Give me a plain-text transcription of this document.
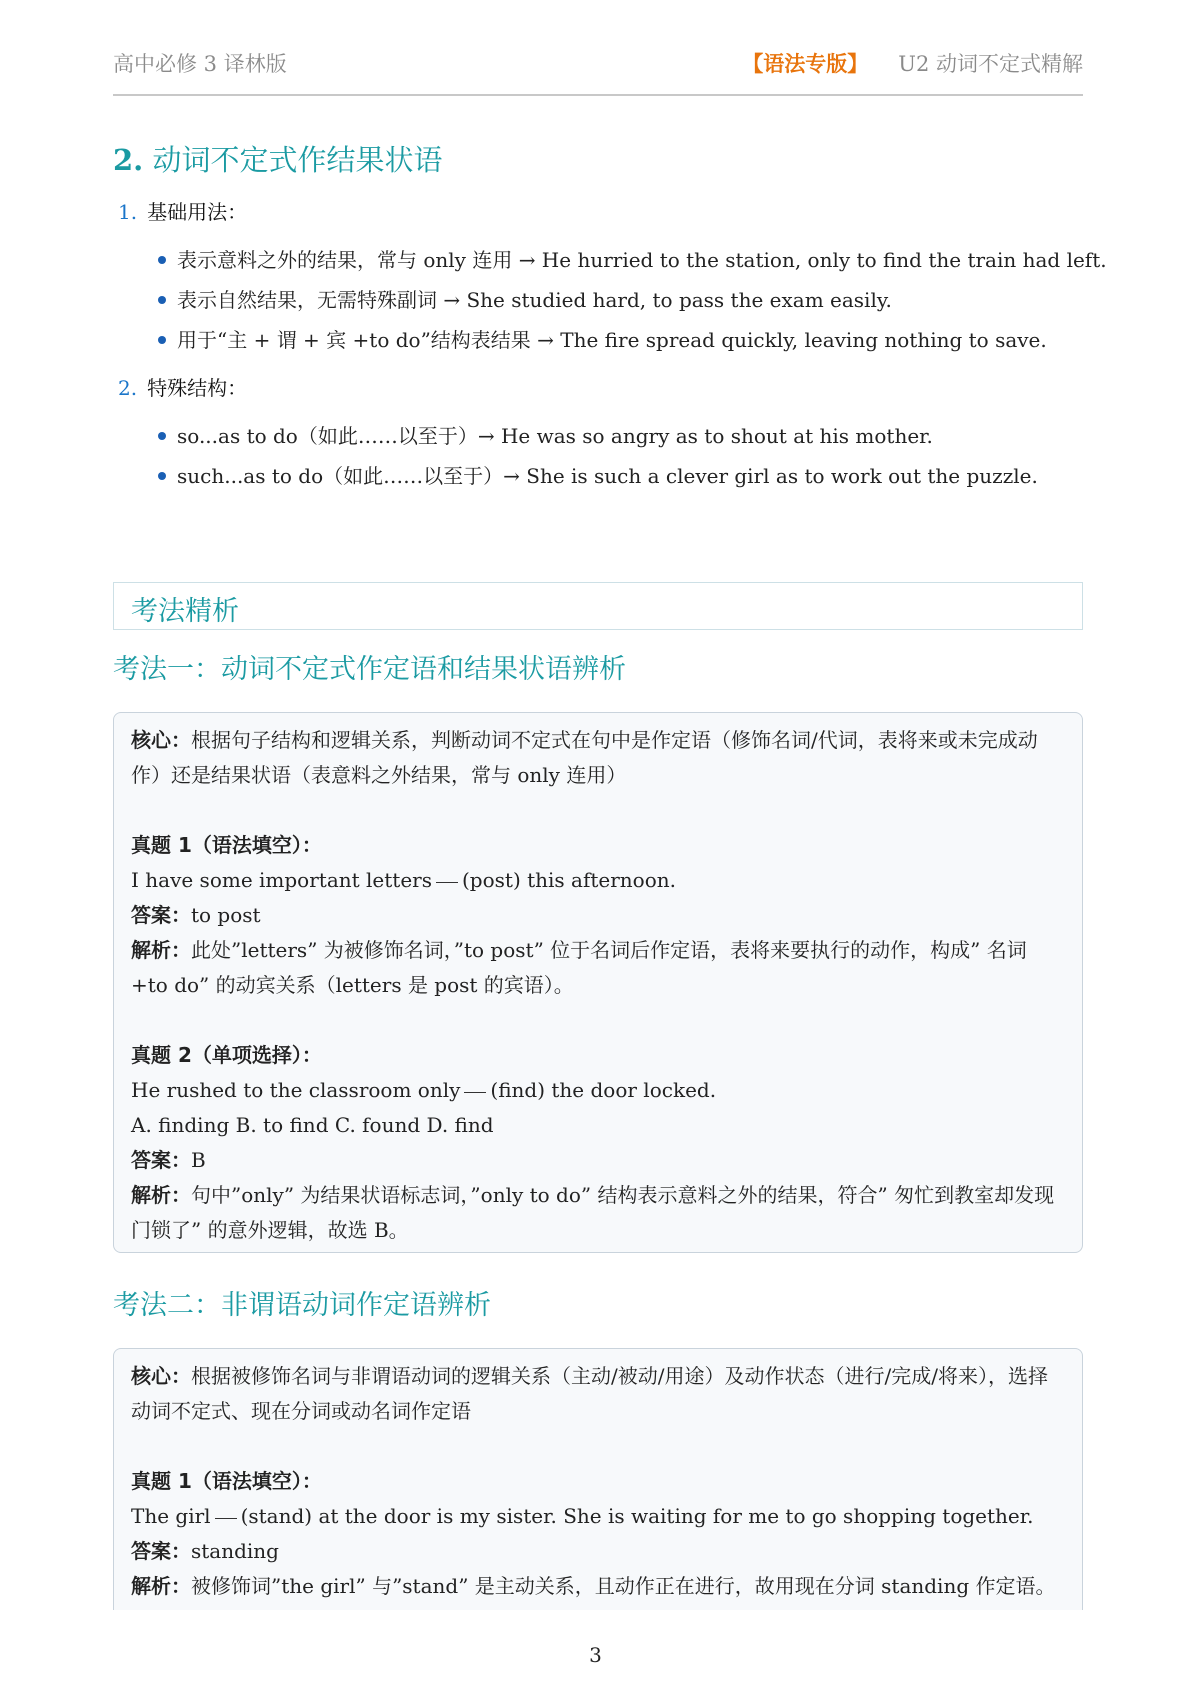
高中必修 3 译林版	【语法专版】 U2 动词不定式精解
2. 动词不定式作结果状语
1. 基础用法：
表示意料之外的结果，常与 only 连用 → He hurried to the station, only to find the train had left.
表示自然结果，无需特殊副词 → She studied hard, to pass the exam easily.
用于“主 + 谓 + 宾 +to do”结构表结果 → The fire spread quickly, leaving nothing to save.
2. 特殊结构：
so...as to do（如此……以至于）→ He was so angry as to shout at his mother.
such...as to do（如此……以至于）→ She is such a clever girl as to work out the puzzle.
考法精析
考法一：动词不定式作定语和结果状语辨析

核心：根据句子结构和逻辑关系，判断动词不定式在句中是作定语（修饰名词/代词，表将来或未完成动作）还是结果状语（表意料之外结果，常与 only 连用）

真题 1（语法填空）：

I have some important letters (post) this afternoon.

答案：to post

解析：此处”letters” 为被修饰名词，”to post” 位于名词后作定语，表将来要执行的动作，构成” 名词 +to do” 的动宾关系（letters 是 post 的宾语）。

真题 2（单项选择）：

He rushed to the classroom only (find) the door locked.

A. finding B. to find C. found D. find

答案：B

解析：句中”only” 为结果状语标志词，”only to do” 结构表示意料之外的结果，符合” 匆忙到教室却发现门锁了” 的意外逻辑，故选 B。

考法二：非谓语动词作定语辨析

核心：根据被修饰名词与非谓语动词的逻辑关系（主动/被动/用途）及动作状态（进行/完成/将来），选择动词不定式、现在分词或动名词作定语

真题 1（语法填空）：

The girl (stand) at the door is my sister. She is waiting for me to go shopping together.

答案：standing

解析：被修饰词”the girl” 与”stand” 是主动关系，且动作正在进行，故用现在分词 standing 作定语。

3
